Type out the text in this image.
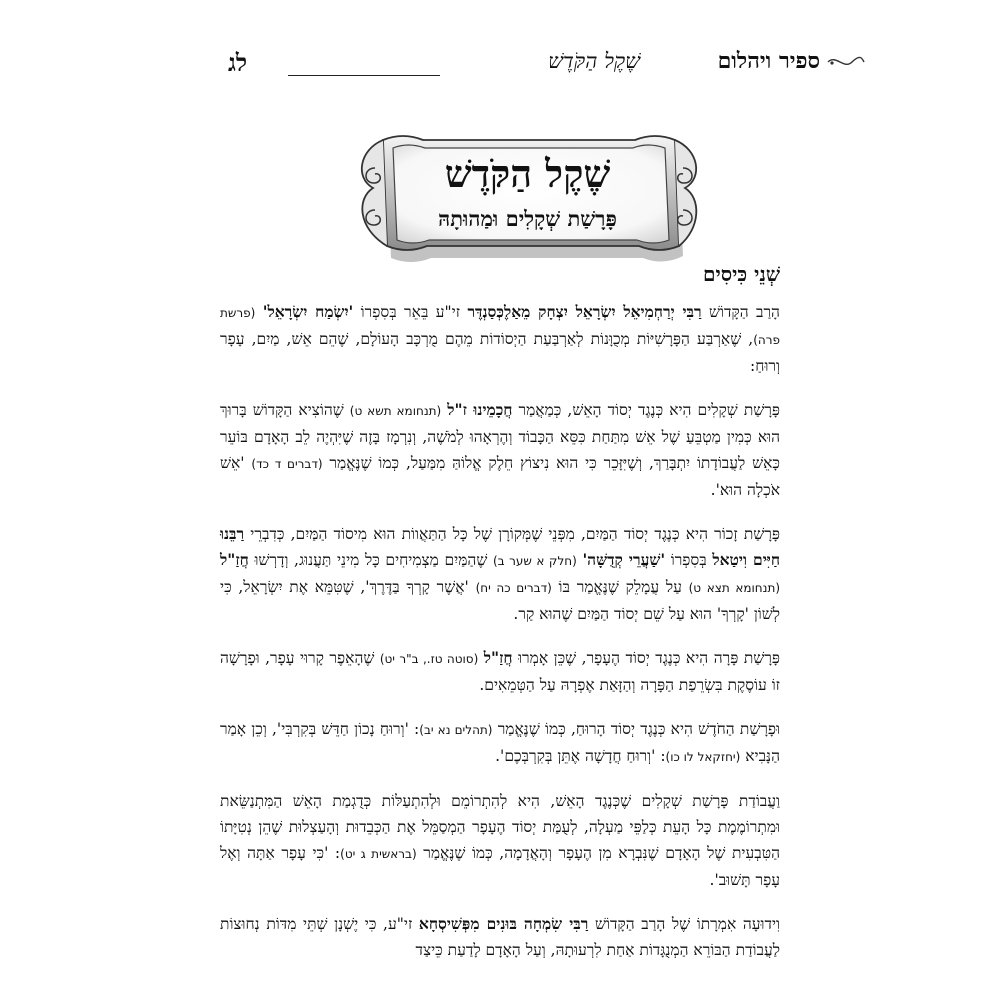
ספיר ויהלום
שֶׁקֶל הַקֹּדֶשׁ
לג
שֶׁקֶל הַקֹּדֶשׁ
פָּרָשַׁת שְׁקָלִים וּמַהוּתָהּ
שְׁנֵי כִּיסִים

הָרַב הַקָּדוֹשׁ רַבִּי יְרַחְמִיאֵל יִשְׂרָאֵל יִצְחָק מֵאַלֶכְּסַנְדֶּר זי"ע בֵּאֵר בְּסִפְרוֹ 'יִשְׂמַח יִשְׂרָאֵל' (פרשת פרה), שֶׁאַרְבַּע הַפָּרָשִׁיּוֹת מְכֻוָּנוֹת לְאַרְבַּעַת הַיְסוֹדוֹת מֵהֶם מֻרְכָּב הָעוֹלָם, שֶׁהֵם אֵשׁ, מַיִם, עָפָר וְרוּחַ:

פָּרָשַׁת שְׁקָלִים הִיא כְּנֶגֶד יְסוֹד הָאֵשׁ, כְּמַאֲמַר חֲכָמֵינוּ ז"ל (תנחומא תשא ט) שֶׁהוֹצִיא הַקָּדוֹשׁ בָּרוּךְ הוּא כְּמִין מַטְבֵּעַ שֶׁל אֵשׁ מִתַּחַת כִּסֵּא הַכָּבוֹד וְהֶרְאָהוּ לְמֹשֶׁה, וְנִרְמָז בָּזֶה שֶׁיִּהְיֶה לֵב הָאָדָם בּוֹעֵר כָּאֵשׁ לַעֲבוֹדָתוֹ יִתְבָּרַךְ, וְשֶׁיִּזָּכֵר כִּי הוּא נִיצוֹץ חֵלֶק אֱלוֹהַּ מִמַּעַל, כְּמוֹ שֶׁנֶּאֱמַר (דברים ד כד) 'אֵשׁ אֹכְלָה הוּא'.

פָּרָשַׁת זָכוֹר הִיא כְּנֶגֶד יְסוֹד הַמַּיִם, מִפְּנֵי שֶׁמְּקוֹרָן שֶׁל כָּל הַתַּאֲווֹת הוּא מִיסוֹד הַמַּיִם, כְּדִבְרֵי רַבֵּנוּ חַיִּים וִיטַאל בְּסִפְרוֹ 'שַׁעֲרֵי קְדֻשָּׁה' (חלק א שער ב) שֶׁהַמַּיִם מַצְמִיחִים כָּל מִינֵי תַּעֲנוּג, וְדָרְשׁוּ חֲזַ"ל (תנחומא תצא ט) עַל עֲמָלֵק שֶׁנֶּאֱמַר בּוֹ (דברים כה יח) 'אֲשֶׁר קָרְךָ בַּדֶּרֶךְ', שֶׁטִּמֵּא אֶת יִשְׂרָאֵל, כִּי לְשׁוֹן 'קָרְךָ' הוּא עַל שֵׁם יְסוֹד הַמַּיִם שֶׁהוּא קַר.

פָּרָשַׁת פָּרָה הִיא כְּנֶגֶד יְסוֹד הֶעָפָר, שֶׁכֵּן אָמְרוּ חֲזַ"ל (סוטה טז., ב"ר יט) שֶׁהָאֵפֶר קָרוּי עָפָר, וּפָרָשָׁה זוֹ עוֹסֶקֶת בִּשְׂרֵפַת הַפָּרָה וְהַזָּאַת אֶפְרָהּ עַל הַטְּמֵאִים.

וּפָרָשַׁת הַחֹדֶשׁ הִיא כְּנֶגֶד יְסוֹד הָרוּחַ, כְּמוֹ שֶׁנֶּאֱמַר (תהלים נא יב): 'וְרוּחַ נָכוֹן חַדֵּשׁ בְּקִרְבִּי', וְכֵן אָמַר הַנָּבִיא (יחזקאל לו כו): 'וְרוּחַ חֲדָשָׁה אֶתֵּן בְּקִרְבְּכֶם'.

וַעֲבוֹדַת פָּרָשַׁת שְׁקָלִים שֶׁכְּנֶגֶד הָאֵשׁ, הִיא לְהִתְרוֹמֵם וּלְהִתְעַלּוֹת כְּדֻגְמַת הָאֵשׁ הַמִּתְנַשֵּׂאת וּמִתְרוֹמֶמֶת כָּל הָעֵת כְּלַפֵּי מַעְלָה, לְעֻמַּת יְסוֹד הֶעָפָר הַמְסַמֵּל אֶת הַכְּבֵדוּת וְהָעַצְלוּת שֶׁהֵן נְטִיָּתוֹ הַטִּבְעִית שֶׁל הָאָדָם שֶׁנִּבְרָא מִן הֶעָפָר וְהָאֲדָמָה, כְּמוֹ שֶׁנֶּאֱמַר (בראשית ג יט): 'כִּי עָפָר אַתָּה וְאֶל עָפָר תָּשׁוּב'.

וִידוּעָה אִמְרָתוֹ שֶׁל הָרַב הַקָּדוֹשׁ רַבִּי שִׂמְחָה בּוּנִים מִפְּשִׁיסְחָא זי"ע, כִּי יֶשְׁנָן שְׁתֵּי מִדּוֹת נְחוּצוֹת לַעֲבוֹדַת הַבּוֹרֵא הַמְנֻגָּדוֹת אַחַת לִרְעוּתָהּ, וְעַל הָאָדָם לָדַעַת כֵּיצַד
